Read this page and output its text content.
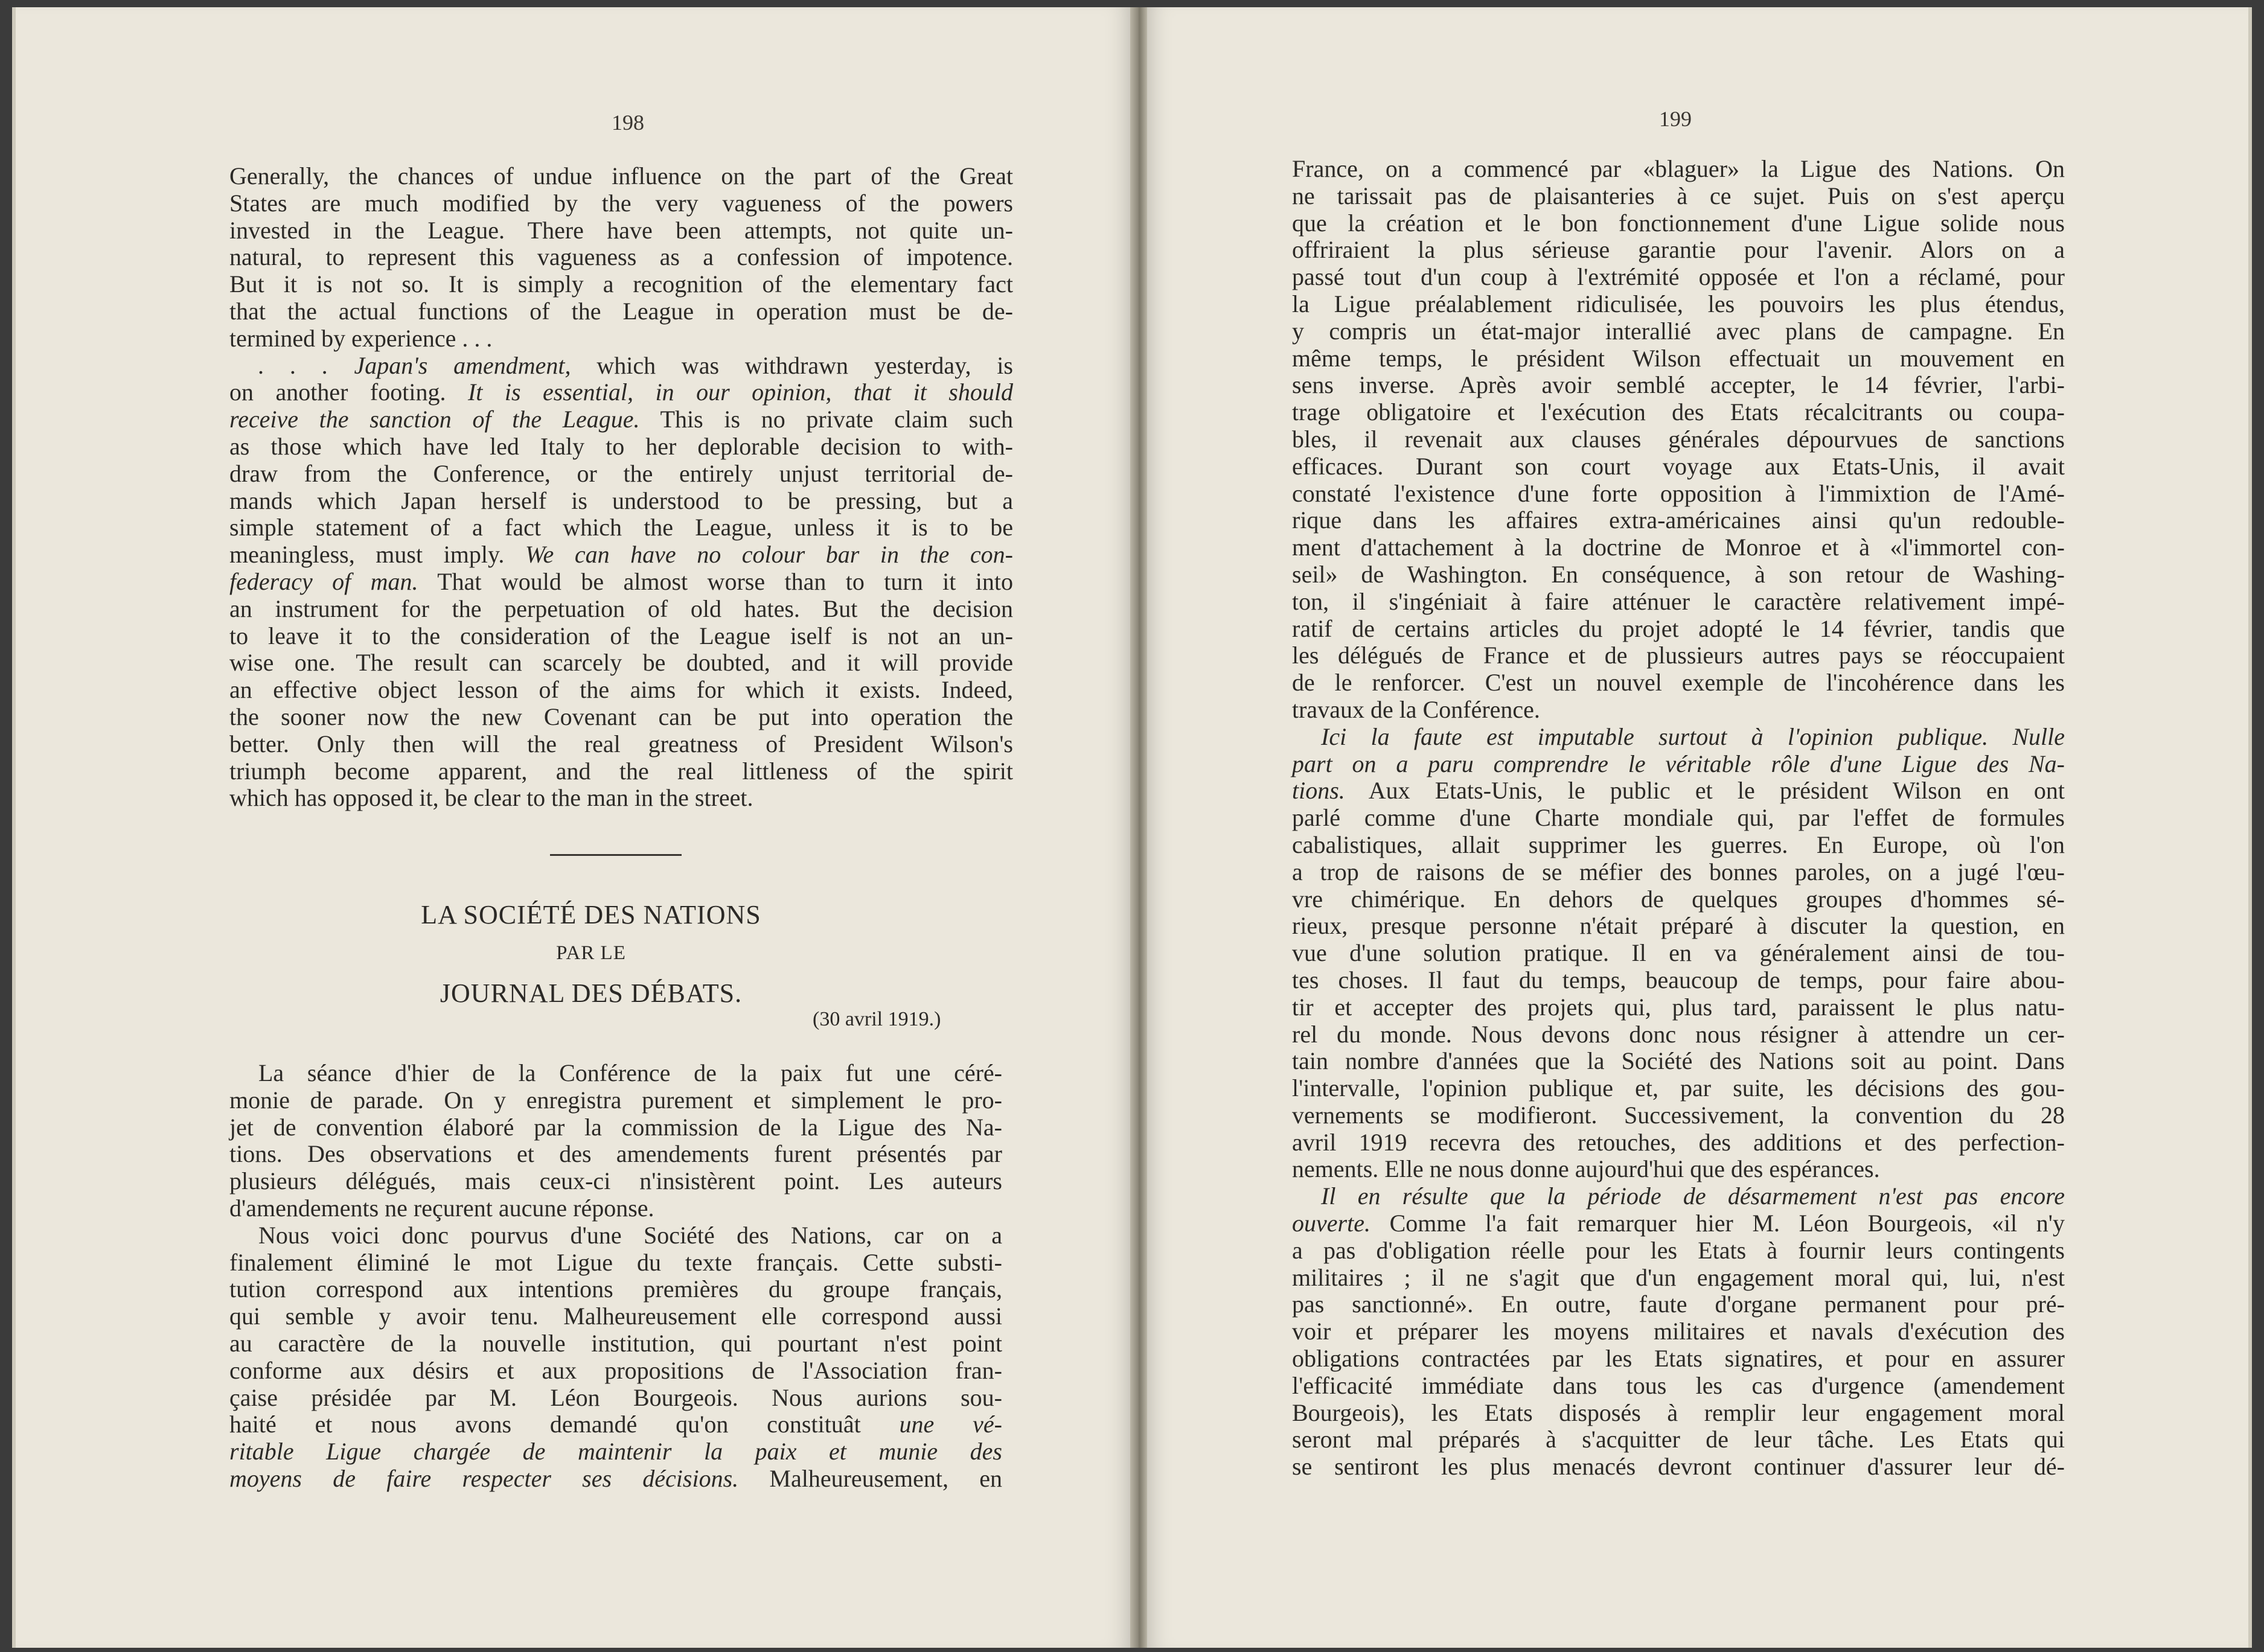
198
Generally, the chances of undue influence on the part of the Great
States are much modified by the very vagueness of the powers
invested in the League. There have been attempts, not quite un-
natural, to represent this vagueness as a confession of impotence.
But it is not so. It is simply a recognition of the elementary fact
that the actual functions of the League in operation must be de-
termined by experience . . .
. . . Japan's amendment, which was withdrawn yesterday, is
on another footing. It is essential, in our opinion, that it should
receive the sanction of the League. This is no private claim such
as those which have led Italy to her deplorable decision to with-
draw from the Conference, or the entirely unjust territorial de-
mands which Japan herself is understood to be pressing, but a
simple statement of a fact which the League, unless it is to be
meaningless, must imply. We can have no colour bar in the con-
federacy of man. That would be almost worse than to turn it into
an instrument for the perpetuation of old hates. But the decision
to leave it to the consideration of the League iself is not an un-
wise one. The result can scarcely be doubted, and it will provide
an effective object lesson of the aims for which it exists. Indeed,
the sooner now the new Covenant can be put into operation the
better. Only then will the real greatness of President Wilson's
triumph become apparent, and the real littleness of the spirit
which has opposed it, be clear to the man in the street.
LA SOCIÉTÉ DES NATIONS
PAR LE
JOURNAL DES DÉBATS.
(30 avril 1919.)
La séance d'hier de la Conférence de la paix fut une céré-
monie de parade. On y enregistra purement et simplement le pro-
jet de convention élaboré par la commission de la Ligue des Na-
tions. Des observations et des amendements furent présentés par
plusieurs délégués, mais ceux-ci n'insistèrent point. Les auteurs
d'amendements ne reçurent aucune réponse.
Nous voici donc pourvus d'une Société des Nations, car on a
finalement éliminé le mot Ligue du texte français. Cette substi-
tution correspond aux intentions premières du groupe français,
qui semble y avoir tenu. Malheureusement elle correspond aussi
au caractère de la nouvelle institution, qui pourtant n'est point
conforme aux désirs et aux propositions de l'Association fran-
çaise présidée par M. Léon Bourgeois. Nous aurions sou-
haité et nous avons demandé qu'on constituât une vé-
ritable Ligue chargée de maintenir la paix et munie des
moyens de faire respecter ses décisions. Malheureusement, en
199
France, on a commencé par «blaguer» la Ligue des Nations. On
ne tarissait pas de plaisanteries à ce sujet. Puis on s'est aperçu
que la création et le bon fonctionnement d'une Ligue solide nous
offriraient la plus sérieuse garantie pour l'avenir. Alors on a
passé tout d'un coup à l'extrémité opposée et l'on a réclamé, pour
la Ligue préalablement ridiculisée, les pouvoirs les plus étendus,
y compris un état-major interallié avec plans de campagne. En
même temps, le président Wilson effectuait un mouvement en
sens inverse. Après avoir semblé accepter, le 14 février, l'arbi-
trage obligatoire et l'exécution des Etats récalcitrants ou coupa-
bles, il revenait aux clauses générales dépourvues de sanctions
efficaces. Durant son court voyage aux Etats-Unis, il avait
constaté l'existence d'une forte opposition à l'immixtion de l'Amé-
rique dans les affaires extra-américaines ainsi qu'un redouble-
ment d'attachement à la doctrine de Monroe et à «l'immortel con-
seil» de Washington. En conséquence, à son retour de Washing-
ton, il s'ingéniait à faire atténuer le caractère relativement impé-
ratif de certains articles du projet adopté le 14 février, tandis que
les délégués de France et de plussieurs autres pays se réoccupaient
de le renforcer. C'est un nouvel exemple de l'incohérence dans les
travaux de la Conférence.
Ici la faute est imputable surtout à l'opinion publique. Nulle
part on a paru comprendre le véritable rôle d'une Ligue des Na-
tions. Aux Etats-Unis, le public et le président Wilson en ont
parlé comme d'une Charte mondiale qui, par l'effet de formules
cabalistiques, allait supprimer les guerres. En Europe, où l'on
a trop de raisons de se méfier des bonnes paroles, on a jugé l'œu-
vre chimérique. En dehors de quelques groupes d'hommes sé-
rieux, presque personne n'était préparé à discuter la question, en
vue d'une solution pratique. Il en va généralement ainsi de tou-
tes choses. Il faut du temps, beaucoup de temps, pour faire abou-
tir et accepter des projets qui, plus tard, paraissent le plus natu-
rel du monde. Nous devons donc nous résigner à attendre un cer-
tain nombre d'années que la Société des Nations soit au point. Dans
l'intervalle, l'opinion publique et, par suite, les décisions des gou-
vernements se modifieront. Successivement, la convention du 28
avril 1919 recevra des retouches, des additions et des perfection-
nements. Elle ne nous donne aujourd'hui que des espérances.
Il en résulte que la période de désarmement n'est pas encore
ouverte. Comme l'a fait remarquer hier M. Léon Bourgeois, «il n'y
a pas d'obligation réelle pour les Etats à fournir leurs contingents
militaires ; il ne s'agit que d'un engagement moral qui, lui, n'est
pas sanctionné». En outre, faute d'organe permanent pour pré-
voir et préparer les moyens militaires et navals d'exécution des
obligations contractées par les Etats signatires, et pour en assurer
l'efficacité immédiate dans tous les cas d'urgence (amendement
Bourgeois), les Etats disposés à remplir leur engagement moral
seront mal préparés à s'acquitter de leur tâche. Les Etats qui
se sentiront les plus menacés devront continuer d'assurer leur dé-
